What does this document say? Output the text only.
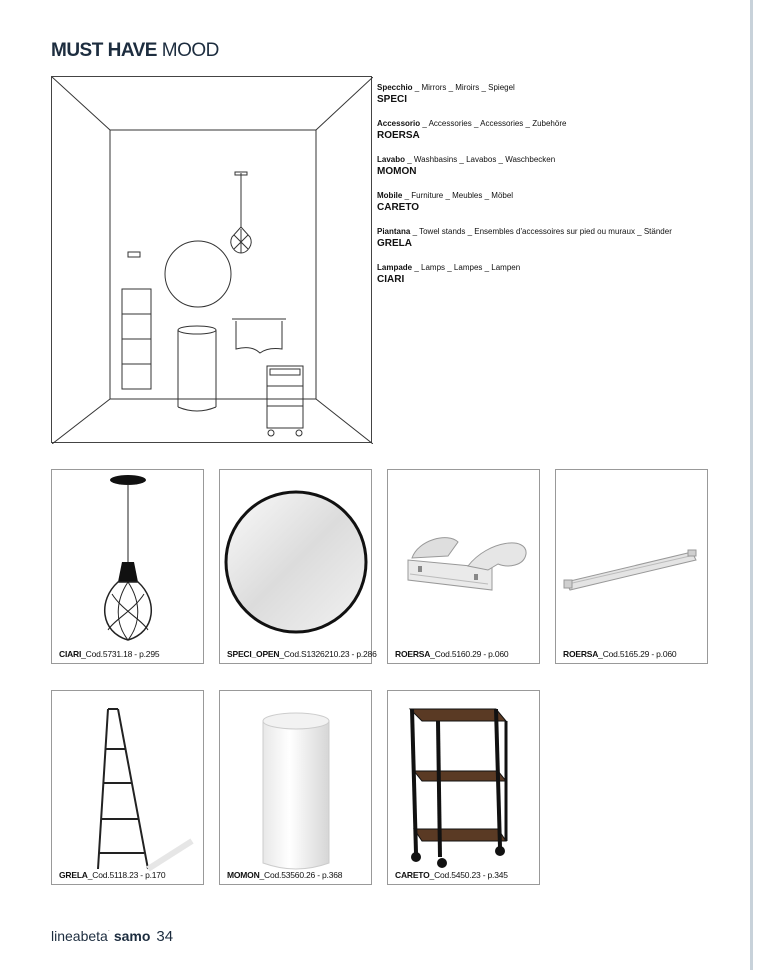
MUST HAVE MOOD
Specchio _ Mirrors _ Miroirs _ Spiegel
SPECI
Accessorio _ Accessories _ Accessories _ Zubehöre
ROERSA
Lavabo _ Washbasins _ Lavabos _ Waschbecken
MOMON
Mobile _ Furniture _ Meubles _ Möbel
CARETO
Piantana _ Towel stands _ Ensembles d'accessoires sur pied ou muraux _ Ständer
GRELA
Lampade _ Lamps _ Lampes _ Lampen
CIARI
CIARI_Cod.5731.18 - p.295	SPECI_OPEN_Cod.S1326210.23 - p.286 ROERSA_Cod.5160.29 - p.060	ROERSA_Cod.5165.29 - p.060
GRELA_Cod.5118.23 - p.170	MOMON_Cod.53560.26 - p.368	CARETO_Cod.5450.23 - p.345
lineabeta· samo 34
